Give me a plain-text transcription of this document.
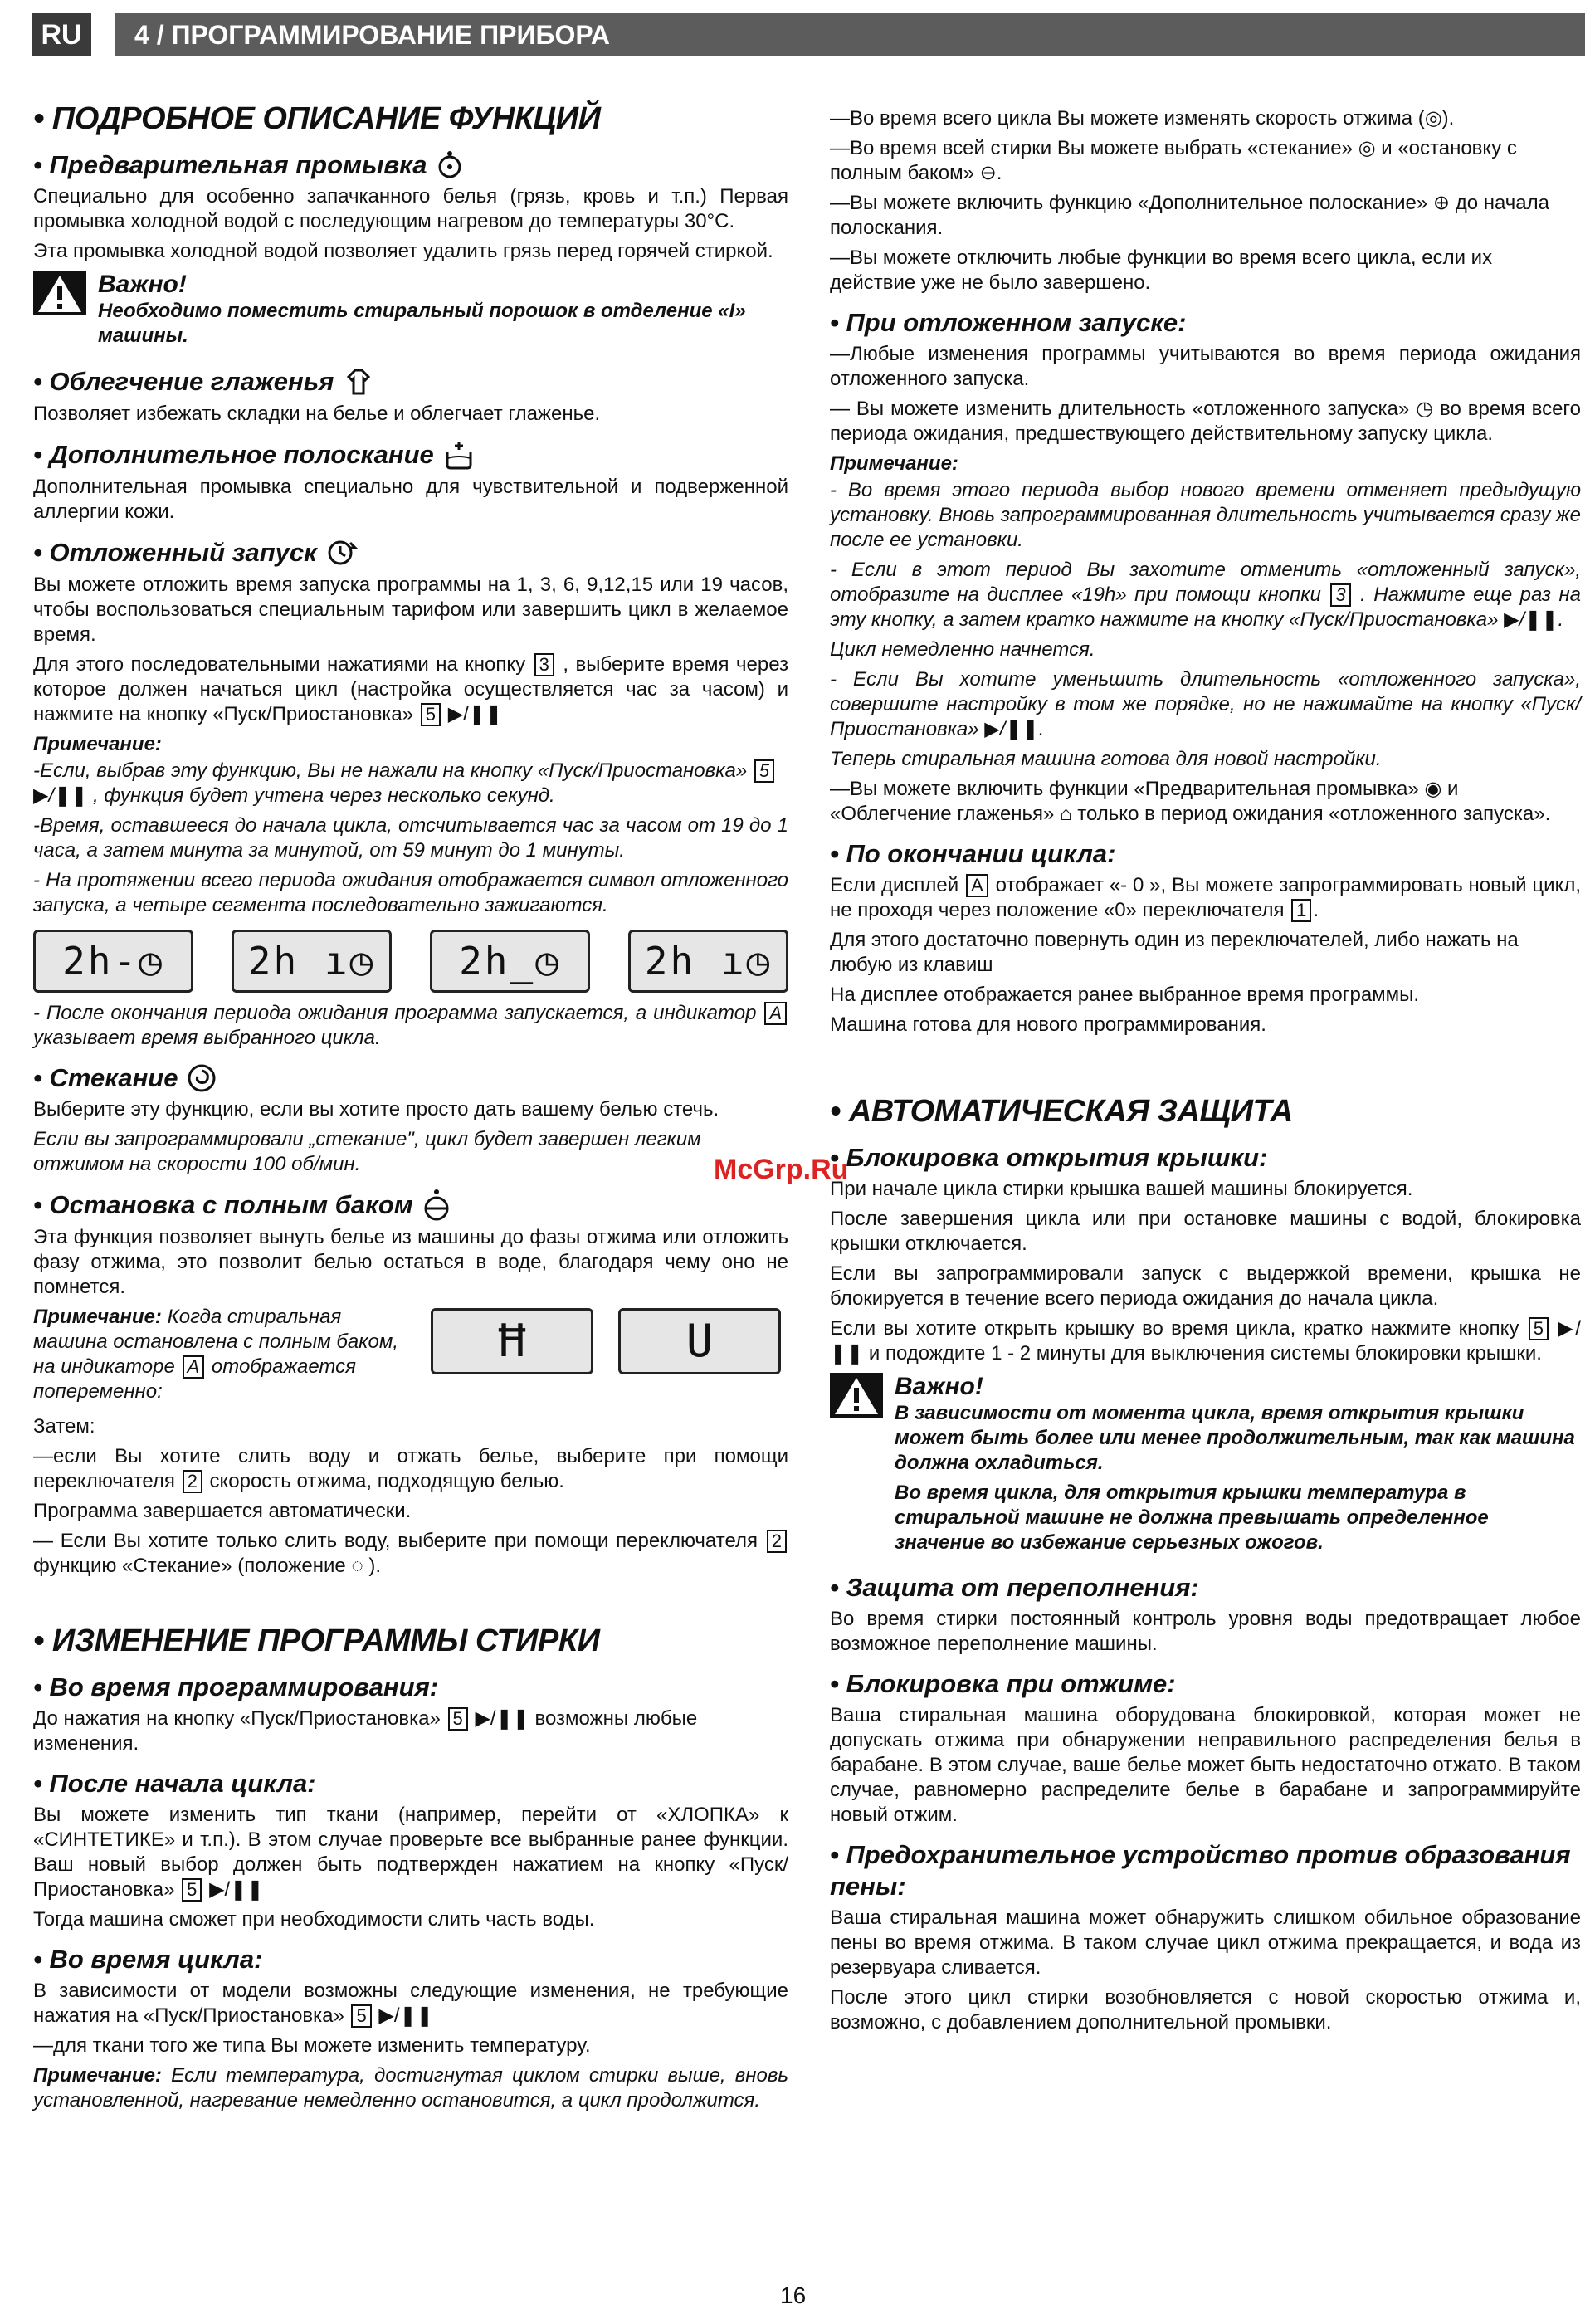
RU	4 / ПРОГРАММИРОВАНИЕ ПРИБОРА
• ПОДРОБНОЕ ОПИСАНИЕ ФУНКЦИЙ
• Предварительная промывка

Специально для особенно запачканного белья (грязь, кровь и т.п.) Первая промывка холодной водой с последующим нагревом до температуры 30°С.

Эта промывка холодной водой позволяет удалить грязь перед горячей стиркой.

Важно!

Необходимо поместить стиральный порошок в отделение «I» машины.

• Облегчение глаженья

Позволяет избежать складки на белье и облегчает глаженье.

• Дополнительное полоскание

Дополнительная промывка специально для чувствительной и подверженной аллергии кожи.

• Отложенный запуск

Вы можете отложить время запуска программы на 1, 3, 6, 9,12,15 или 19 часов, чтобы воспользоваться специальным тарифом или завершить цикл в желаемое время.

Для этого последовательными нажатиями на кнопку 3 , выберите время через которое должен начаться цикл (настройка осуществляется час за часом) и нажмите на кнопку «Пуск/Приостановка» 5 ▶/❚❚

Примечание:

-Если, выбрав эту функцию, Вы не нажали на кнопку «Пуск/Приостановка» 5 ▶/❚❚ , функция будет учтена через несколько секунд.

-Время, оставшееся до начала цикла, отсчитывается час за часом от 19 до 1 часа, а затем минута за минутой, от 59 минут до 1 минуты.

- На протяжении всего периода ожидания отображается символ отложенного запуска, а четыре сегмента последовательно зажигаются.

2h-◷	2h ı◷	2h_◷	2h ı◷

- После окончания периода ожидания программа запускается, а индикатор A указывает время выбранного цикла.

• Стекание

Выберите эту функцию, если вы хотите просто дать вашему белью стечь.

Если вы запрограммировали „стекание", цикл будет завершен легким отжимом на скорости 100 об/мин.

• Остановка с полным баком

Эта функция позволяет вынуть белье из машины до фазы отжима или отложить фазу отжима, это позволит белью остаться в воде, благодаря чему оно не помнется.

Примечание: Когда стиральная машина остановлена с полным баком, на индикаторе A отображается попеременно:

Ħ	U

Затем:

—если Вы хотите слить воду и отжать белье, выберите при помощи переключателя 2 скорость отжима, подходящую белью.

Программа завершается автоматически.

— Если Вы хотите только слить воду, выберите при помощи переключателя 2 функцию «Стекание» (положение ◌ ).

• ИЗМЕНЕНИЕ ПРОГРАММЫ СТИРКИ
• Во время программирования:

До нажатия на кнопку «Пуск/Приостановка» 5 ▶/❚❚ возможны любые изменения.

• После начала цикла:

Вы можете изменить тип ткани (например, перейти от «ХЛОПКА» к «СИНТЕТИКЕ» и т.п.). В этом случае проверьте все выбранные ранее функции. Ваш новый выбор должен быть подтвержден нажатием на кнопку «Пуск/Приостановка» 5 ▶/❚❚

Тогда машина сможет при необходимости слить часть воды.

• Во время цикла:

В зависимости от модели возможны следующие изменения, не требующие нажатия на «Пуск/Приостановка» 5 ▶/❚❚

—для ткани того же типа Вы можете изменить температуру.

Примечание: Если температура, достигнутая циклом стирки выше, вновь установленной, нагревание немедленно остановится, а цикл продолжится.

—Во время всего цикла Вы можете изменять скорость отжима (◎).

—Во время всей стирки Вы можете выбрать «стекание» ◎ и «остановку с полным баком» ⊖.

—Вы можете включить функцию «Дополнительное полоскание» ⊕ до начала полоскания.

—Вы можете отключить любые функции во время всего цикла, если их действие уже не было завершено.

• При отложенном запуске:

—Любые изменения программы учитываются во время периода ожидания отложенного запуска.

— Вы можете изменить длительность «отложенного запуска» ◷ во время всего периода ожидания, предшествующего действительному запуску цикла.

Примечание:

- Во время этого периода выбор нового времени отменяет предыдущую установку. Вновь запрограммированная длительность учитывается сразу же после ее установки.

- Если в этот период Вы захотите отменить «отложенный запуск», отобразите на дисплее «19h» при помощи кнопки 3 . Нажмите еще раз на эту кнопку, а затем кратко нажмите на кнопку «Пуск/Приостановка» ▶/❚❚.

Цикл немедленно начнется.

- Если Вы хотите уменьшить длительность «отложенного запуска», совершите настройку в том же порядке, но не нажимайте на кнопку «Пуск/Приостановка» ▶/❚❚.

Теперь стиральная машина готова для новой настройки.

—Вы можете включить функции «Предварительная промывка» ◉ и «Облегчение глаженья» ⌂ только в период ожидания «отложенного запуска».

• По окончании цикла:

Если дисплей A отображает «- 0 », Вы можете запрограммировать новый цикл, не проходя через положение «0» переключателя 1 .

Для этого достаточно повернуть один из переключателей, либо нажать на любую из клавиш

На дисплее отображается ранее выбранное время программы.

Машина готова для нового программирования.

• АВТОМАТИЧЕСКАЯ ЗАЩИТА
• Блокировка открытия крышки:

При начале цикла стирки крышка вашей машины блокируется.

После завершения цикла или при остановке машины с водой, блокировка крышки отключается.

Если вы запрограммировали запуск с выдержкой времени, крышка не блокируется в течение всего периода ожидания до начала цикла.

Если вы хотите открыть крышку во время цикла, кратко нажмите кнопку 5 ▶/❚❚ и подождите 1 - 2 минуты для выключения системы блокировки крышки.

Важно!

В зависимости от момента цикла, время открытия крышки может быть более или менее продолжительным, так как машина должна охладиться.

Во время цикла, для открытия крышки температура в стиральной машине не должна превышать определенное значение во избежание серьезных ожогов.

• Защита от переполнения:

Во время стирки постоянный контроль уровня воды предотвращает любое возможное переполнение машины.

• Блокировка при отжиме:

Ваша стиральная машина оборудована блокировкой, которая может не допускать отжима при обнаружении неправильного распределения белья в барабане. В этом случае, ваше белье может быть недостаточно отжато. В таком случае, равномерно распределите белье в барабане и запрограммируйте новый отжим.

• Предохранительное устройство против образования пены:

Ваша стиральная машина может обнаружить слишком обильное образование пены во время отжима. В таком случае цикл отжима прекращается, и вода из резервуара сливается.

После этого цикл стирки возобновляется с новой скоростью отжима и, возможно, с добавлением дополнительной промывки.

McGrp.Ru
16
